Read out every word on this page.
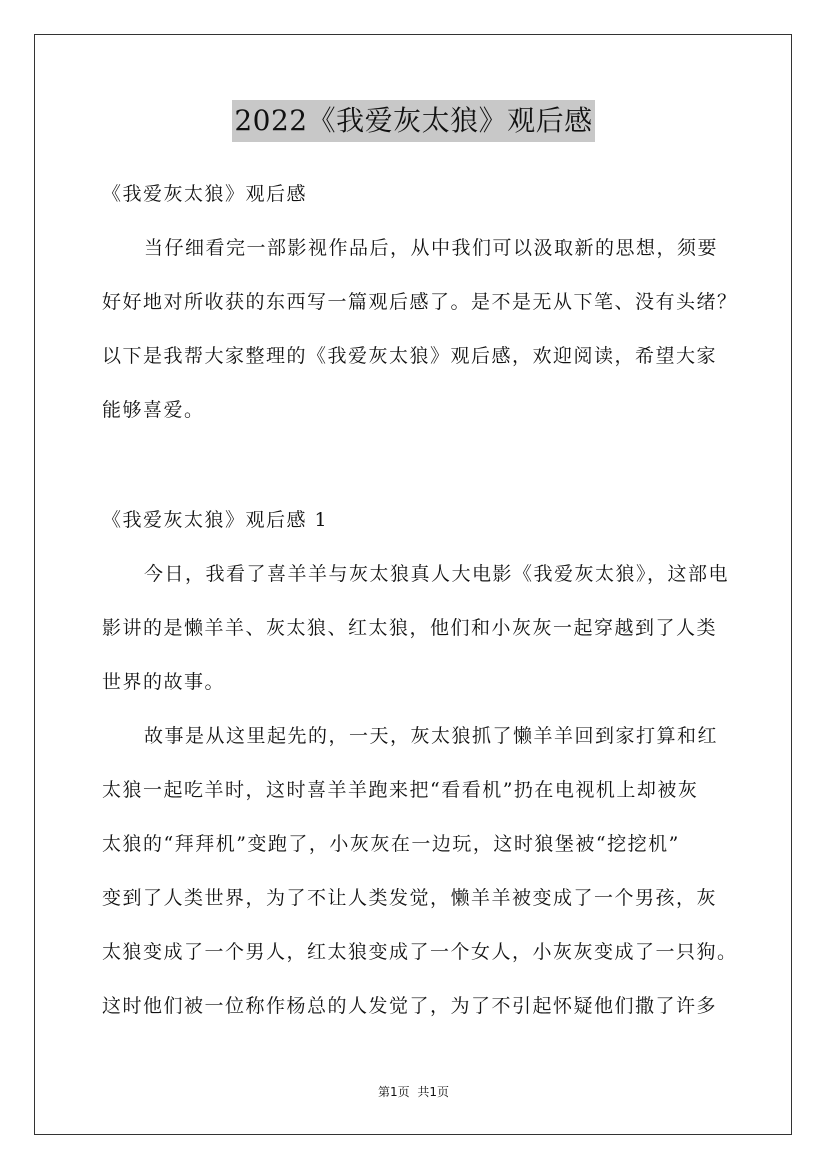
2022《我爱灰太狼》观后感
《我爱灰太狼》观后感
当仔细看完一部影视作品后，从中我们可以汲取新的思想，须要
好好地对所收获的东西写一篇观后感了。是不是无从下笔、没有头绪？
以下是我帮大家整理的《我爱灰太狼》观后感，欢迎阅读，希望大家
能够喜爱。
《我爱灰太狼》观后感 1
今日，我看了喜羊羊与灰太狼真人大电影《我爱灰太狼》，这部电
影讲的是懒羊羊、灰太狼、红太狼，他们和小灰灰一起穿越到了人类
世界的故事。
故事是从这里起先的，一天，灰太狼抓了懒羊羊回到家打算和红
太狼一起吃羊时，这时喜羊羊跑来把“看看机”扔在电视机上却被灰
太狼的“拜拜机”变跑了，小灰灰在一边玩，这时狼堡被“挖挖机”
变到了人类世界，为了不让人类发觉，懒羊羊被变成了一个男孩，灰
太狼变成了一个男人，红太狼变成了一个女人，小灰灰变成了一只狗。
这时他们被一位称作杨总的人发觉了，为了不引起怀疑他们撒了许多
第1页 共1页
